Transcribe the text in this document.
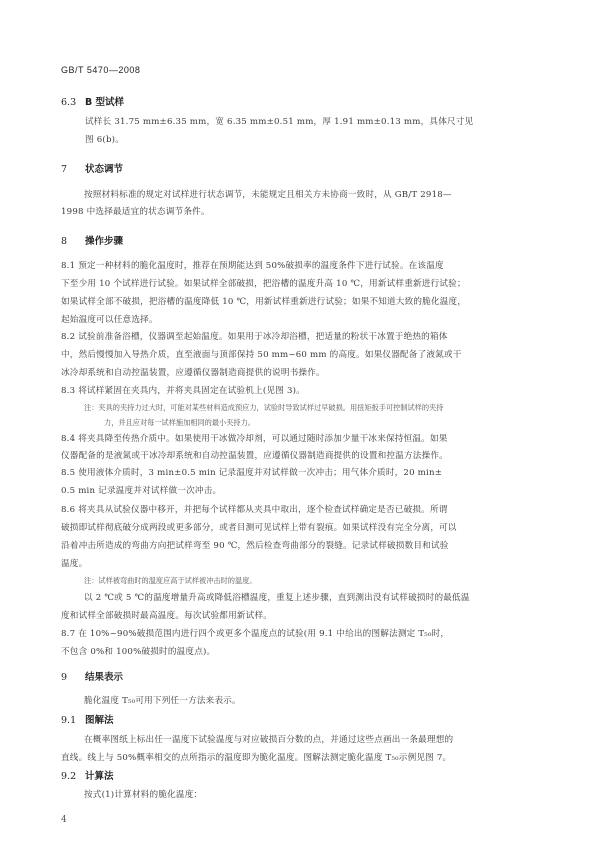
GB/T 5470—2008
6.3 B 型试样

试样长 31.75 mm±6.35 mm，宽 6.35 mm±0.51 mm，厚 1.91 mm±0.13 mm，具体尺寸见

图 6(b)。

7 状态调节

按照材料标准的规定对试样进行状态调节，未能规定且相关方未协商一致时，从 GB/T 2918—

1998 中选择最适宜的状态调节条件。

8 操作步骤

8.1 预定一种材料的脆化温度时，推荐在预期能达到 50%破损率的温度条件下进行试验。在该温度

下至少用 10 个试样进行试验。如果试样全部破损，把浴槽的温度升高 10 ℃，用新试样重新进行试验；

如果试样全部不破损，把浴槽的温度降低 10 ℃，用新试样重新进行试验；如果不知道大致的脆化温度，

起始温度可以任意选择。

8.2 试验前准备浴槽，仪器调至起始温度。如果用于冰冷却浴槽，把适量的粉状干冰置于绝热的箱体

中，然后慢慢加入导热介质，直至液面与顶部保持 50 mm~60 mm 的高度。如果仪器配备了液氮或干

冰冷却系统和自动控温装置，应遵循仪器制造商提供的说明书操作。

8.3 将试样紧固在夹具内，并将夹具固定在试验机上(见图 3)。

注：夹具的夹持力过大时，可能对某些材料造成预应力，试验时导致试样过早破损。用扭矩扳手可控制试样的夹持

力，并且应对每一试样施加相同的最小夹持力。

8.4 将夹具降至传热介质中。如果使用干冰做冷却剂，可以通过随时添加少量干冰来保持恒温。如果

仪器配备的是液氮或干冰冷却系统和自动控温装置，应遵循仪器制造商提供的设置和控温方法操作。

8.5 使用液体介质时，3 min±0.5 min 记录温度并对试样做一次冲击；用气体介质时，20 min±

0.5 min 记录温度并对试样做一次冲击。

8.6 将夹具从试验仪器中移开，并把每个试样都从夹具中取出，逐个检查试样确定是否已破损。所谓

破损即试样彻底破分成两段或更多部分，或者目测可见试样上带有裂痕。如果试样没有完全分离，可以

沿着冲击所造成的弯曲方向把试样弯至 90 ℃，然后检查弯曲部分的裂缝。记录试样破损数目和试验

温度。

注：试样被弯曲时的温度应高于试样被冲击时的温度。

以 2 ℃或 5 ℃的温度增量升高或降低浴槽温度，重复上述步骤，直到测出没有试样破损时的最低温

度和试样全部破损时最高温度。每次试验都用新试样。

8.7 在 10%~90%破损范围内进行四个或更多个温度点的试验(用 9.1 中给出的图解法测定 T₅₀时，

不包含 0%和 100%破损时的温度点)。

9 结果表示

脆化温度 T₅₀可用下列任一方法来表示。

9.1 图解法

在概率图纸上标出任一温度下试验温度与对应破损百分数的点，并通过这些点画出一条最理想的

直线。线上与 50%概率相交的点所指示的温度即为脆化温度。图解法测定脆化温度 T₅₀示例见图 7。

9.2 计算法

按式(1)计算材料的脆化温度：

4
